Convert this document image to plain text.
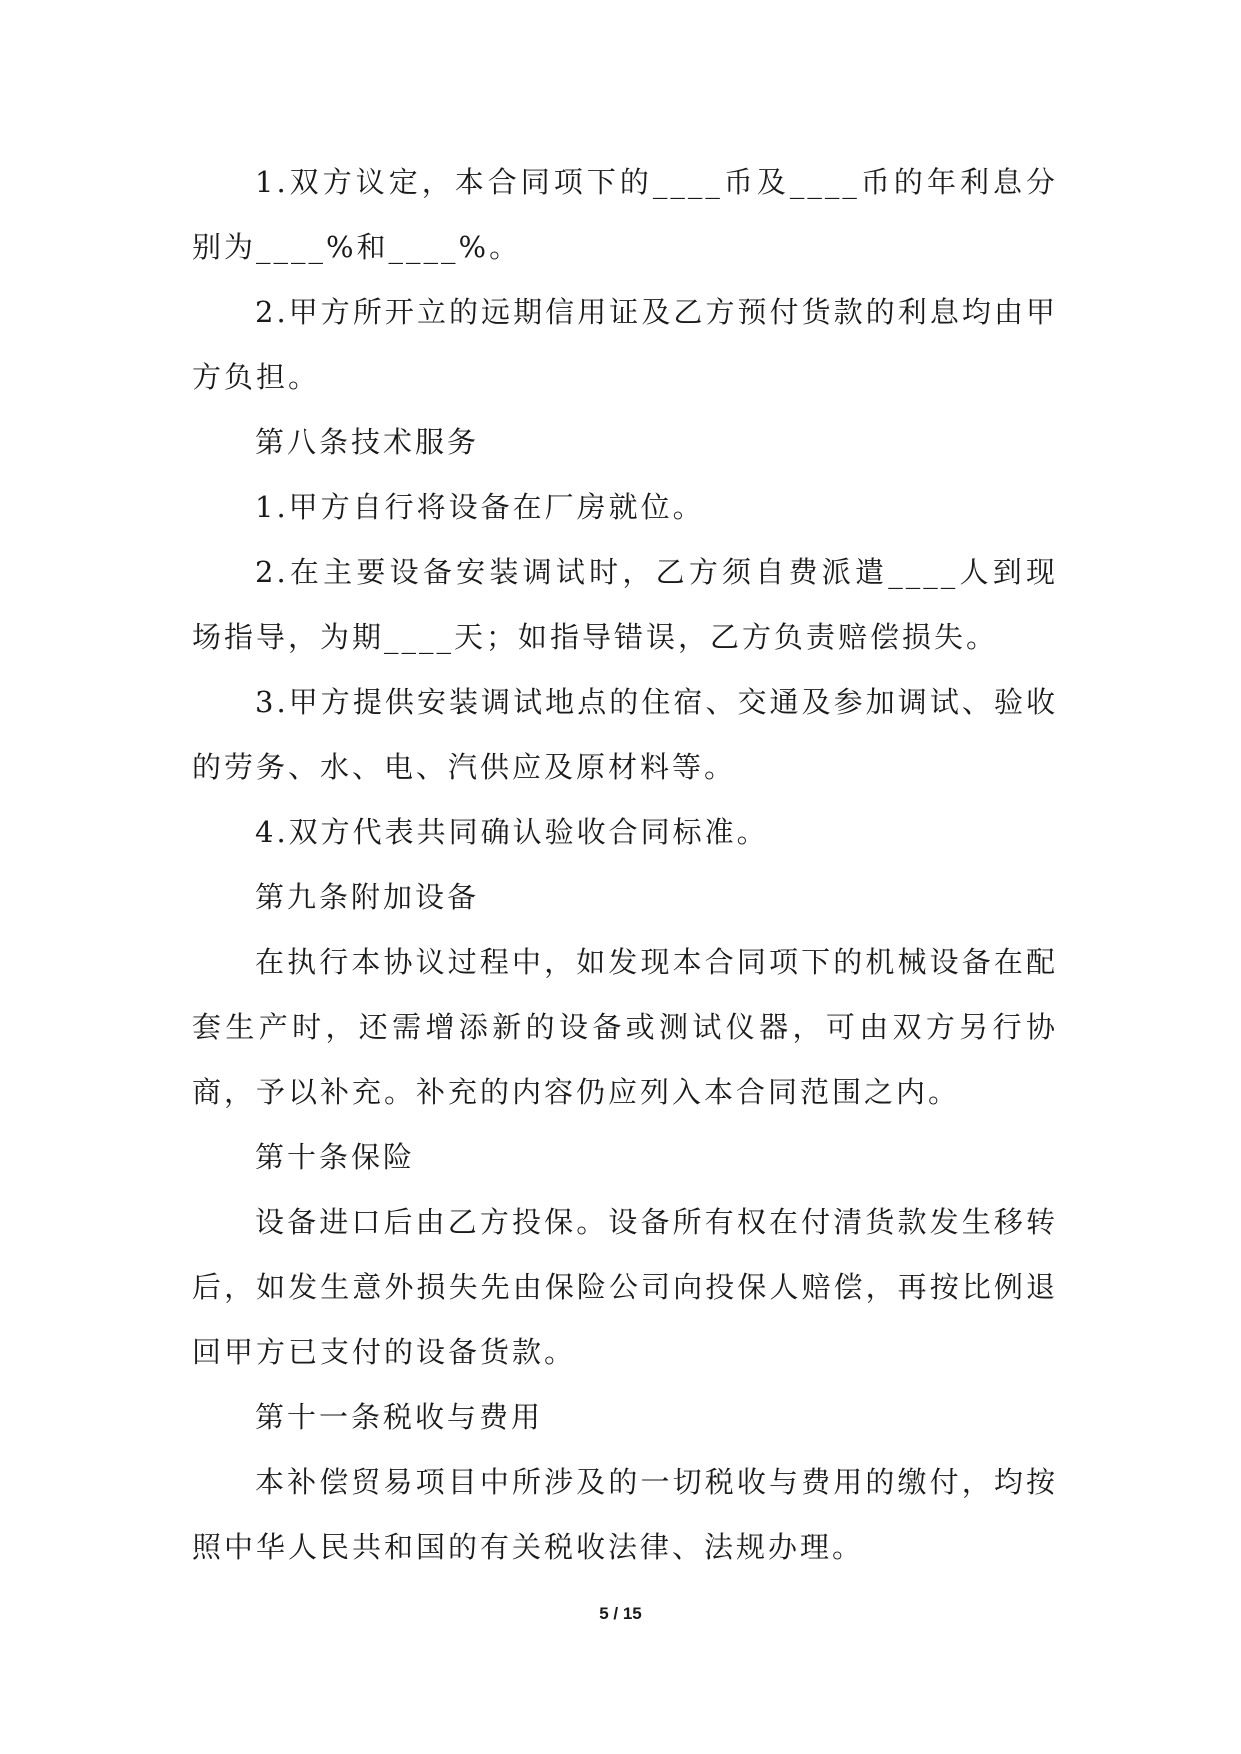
1.双方议定，本合同项下的____币及____币的年利息分别为____%和____%。

2.甲方所开立的远期信用证及乙方预付货款的利息均由甲方负担。

第八条技术服务

1.甲方自行将设备在厂房就位。

2.在主要设备安装调试时，乙方须自费派遣____人到现场指导，为期____天；如指导错误，乙方负责赔偿损失。

3.甲方提供安装调试地点的住宿、交通及参加调试、验收的劳务、水、电、汽供应及原材料等。

4.双方代表共同确认验收合同标准。

第九条附加设备

在执行本协议过程中，如发现本合同项下的机械设备在配套生产时，还需增添新的设备或测试仪器，可由双方另行协商，予以补充。补充的内容仍应列入本合同范围之内。

第十条保险

设备进口后由乙方投保。设备所有权在付清货款发生移转后，如发生意外损失先由保险公司向投保人赔偿，再按比例退回甲方已支付的设备货款。

第十一条税收与费用

本补偿贸易项目中所涉及的一切税收与费用的缴付，均按照中华人民共和国的有关税收法律、法规办理。

5 / 15
